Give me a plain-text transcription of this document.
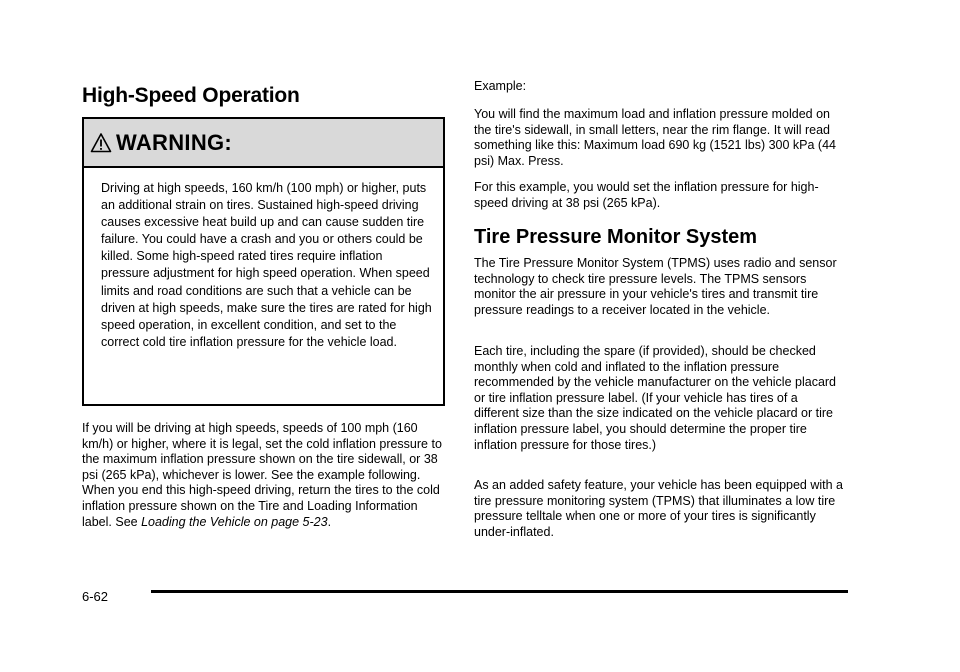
High-Speed Operation
WARNING:

Driving at high speeds, 160 km/h (100 mph) or higher, puts an additional strain on tires. Sustained high-speed driving causes excessive heat build up and can cause sudden tire failure. You could have a crash and you or others could be killed. Some high-speed rated tires require inflation pressure adjustment for high speed operation. When speed limits and road conditions are such that a vehicle can be driven at high speeds, make sure the tires are rated for high speed operation, in excellent condition, and set to the correct cold tire inflation pressure for the vehicle load.

If you will be driving at high speeds, speeds of 100 mph (160 km/h) or higher, where it is legal, set the cold inflation pressure to the maximum inflation pressure shown on the tire sidewall, or 38 psi (265 kPa), whichever is lower. See the example following. When you end this high-speed driving, return the tires to the cold inflation pressure shown on the Tire and Loading Information label. See Loading the Vehicle on page 5‑23.

Example:

You will find the maximum load and inflation pressure molded on the tire's sidewall, in small letters, near the rim flange. It will read something like this: Maximum load 690 kg (1521 lbs) 300 kPa (44 psi) Max. Press.

For this example, you would set the inflation pressure for high-speed driving at 38 psi (265 kPa).

Tire Pressure Monitor System

The Tire Pressure Monitor System (TPMS) uses radio and sensor technology to check tire pressure levels. The TPMS sensors monitor the air pressure in your vehicle's tires and transmit tire pressure readings to a receiver located in the vehicle.

Each tire, including the spare (if provided), should be checked monthly when cold and inflated to the inflation pressure recommended by the vehicle manufacturer on the vehicle placard or tire inflation pressure label. (If your vehicle has tires of a different size than the size indicated on the vehicle placard or tire inflation pressure label, you should determine the proper tire inflation pressure for those tires.)

As an added safety feature, your vehicle has been equipped with a tire pressure monitoring system (TPMS) that illuminates a low tire pressure telltale when one or more of your tires is significantly under-inflated.

6-62
